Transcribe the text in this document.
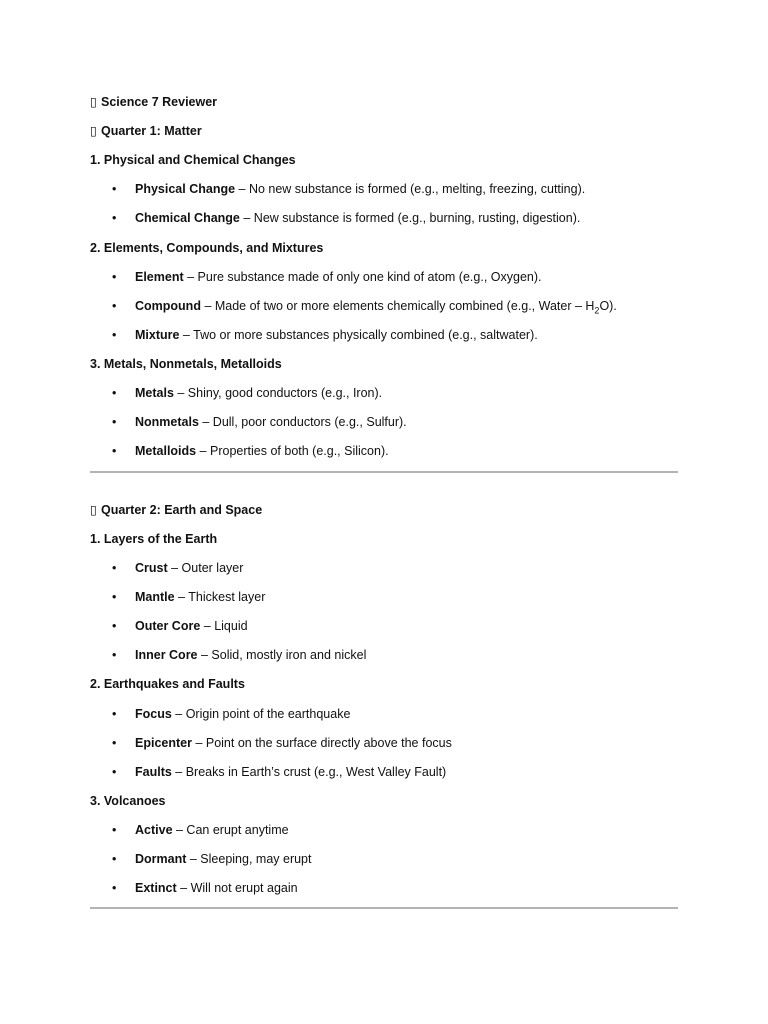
▯ Science 7 Reviewer
▯ Quarter 1: Matter
1. Physical and Chemical Changes
• Physical Change – No new substance is formed (e.g., melting, freezing, cutting).
• Chemical Change – New substance is formed (e.g., burning, rusting, digestion).
2. Elements, Compounds, and Mixtures
• Element – Pure substance made of only one kind of atom (e.g., Oxygen).
• Compound – Made of two or more elements chemically combined (e.g., Water – $H_2O$).
• Mixture – Two or more substances physically combined (e.g., saltwater).
3. Metals, Nonmetals, Metalloids
• Metals – Shiny, good conductors (e.g., Iron).
• Nonmetals – Dull, poor conductors (e.g., Sulfur).
• Metalloids – Properties of both (e.g., Silicon).
▯ Quarter 2: Earth and Space
1. Layers of the Earth
• Crust – Outer layer
• Mantle – Thickest layer
• Outer Core – Liquid
• Inner Core – Solid, mostly iron and nickel
2. Earthquakes and Faults
• Focus – Origin point of the earthquake
• Epicenter – Point on the surface directly above the focus
• Faults – Breaks in Earth’s crust (e.g., West Valley Fault)
3. Volcanoes
• Active – Can erupt anytime
• Dormant – Sleeping, may erupt
• Extinct – Will not erupt again
